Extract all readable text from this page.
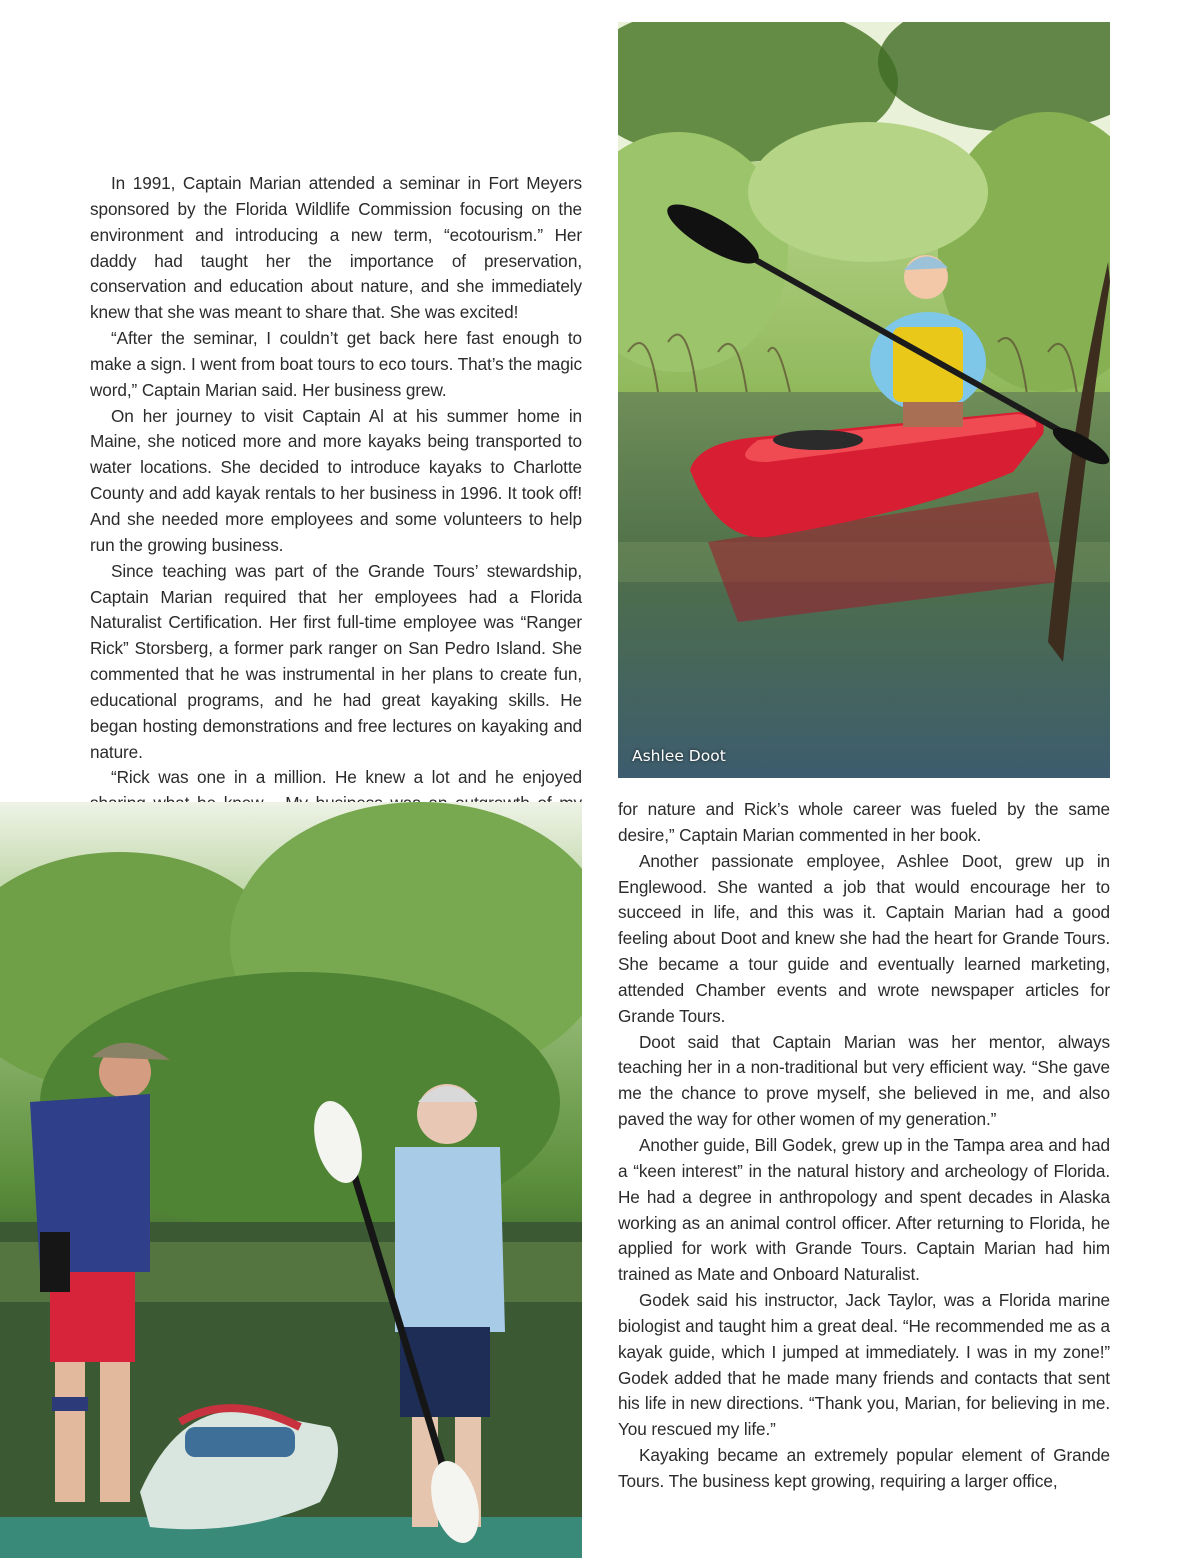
Ashlee Doot

In 1991, Captain Marian attended a seminar in Fort Meyers sponsored by the Florida Wildlife Commission focusing on the environment and introducing a new term, “ecotourism.” Her daddy had taught her the importance of preservation, conservation and education about nature, and she immediately knew that she was meant to share that. She was excited!

“After the seminar, I couldn’t get back here fast enough to make a sign. I went from boat tours to eco tours. That’s the magic word,” Captain Marian said. Her business grew.

On her journey to visit Captain Al at his summer home in Maine, she noticed more and more kayaks being transported to water locations. She decided to introduce kayaks to Charlotte County and add kayak rentals to her business in 1996. It took off! And she needed more employees and some volunteers to help run the growing business.

Since teaching was part of the Grande Tours’ stewardship, Captain Marian required that her employees had a Florida Naturalist Certification. Her first full-time employee was “Ranger Rick” Storsberg, a former park ranger on San Pedro Island. She commented that he was instrumental in her plans to create fun, educational programs, and he had great kayaking skills. He began hosting demonstrations and free lectures on kayaking and nature.

“Rick was one in a million. He knew a lot and he enjoyed

for nature and Rick’s whole career was fueled by the same desire,” Captain Marian commented in her book.

Another passionate employee, Ashlee Doot, grew up in Englewood. She wanted a job that would encourage her to succeed in life, and this was it. Captain Marian had a good feeling about Doot and knew she had the heart for Grande Tours. She became a tour guide and eventually learned marketing, attended Chamber events and wrote newspaper articles for Grande Tours.

Doot said that Captain Marian was her mentor, always teaching her in a non-traditional but very efficient way. “She gave me the chance to prove myself, she believed in me, and also paved the way for other women of my generation.”

Another guide, Bill Godek, grew up in the Tampa area and had a “keen interest” in the natural history and archeology of Florida. He had a degree in anthropology and spent decades in Alaska working as an animal control officer. After returning to Florida, he applied for work with Grande Tours. Captain Marian had him trained as Mate and Onboard Naturalist.

Godek said his instructor, Jack Taylor, was a Florida marine biologist and taught him a great deal. “He recommended me as a kayak guide, which I jumped at immediately. I was in my zone!” Godek added that he made many friends and contacts that sent his life in new directions. “Thank you, Marian, for believing in me. You rescued my life.”

Kayaking became an extremely popular element of Grande Tours. The business kept growing, requiring a larger office,
